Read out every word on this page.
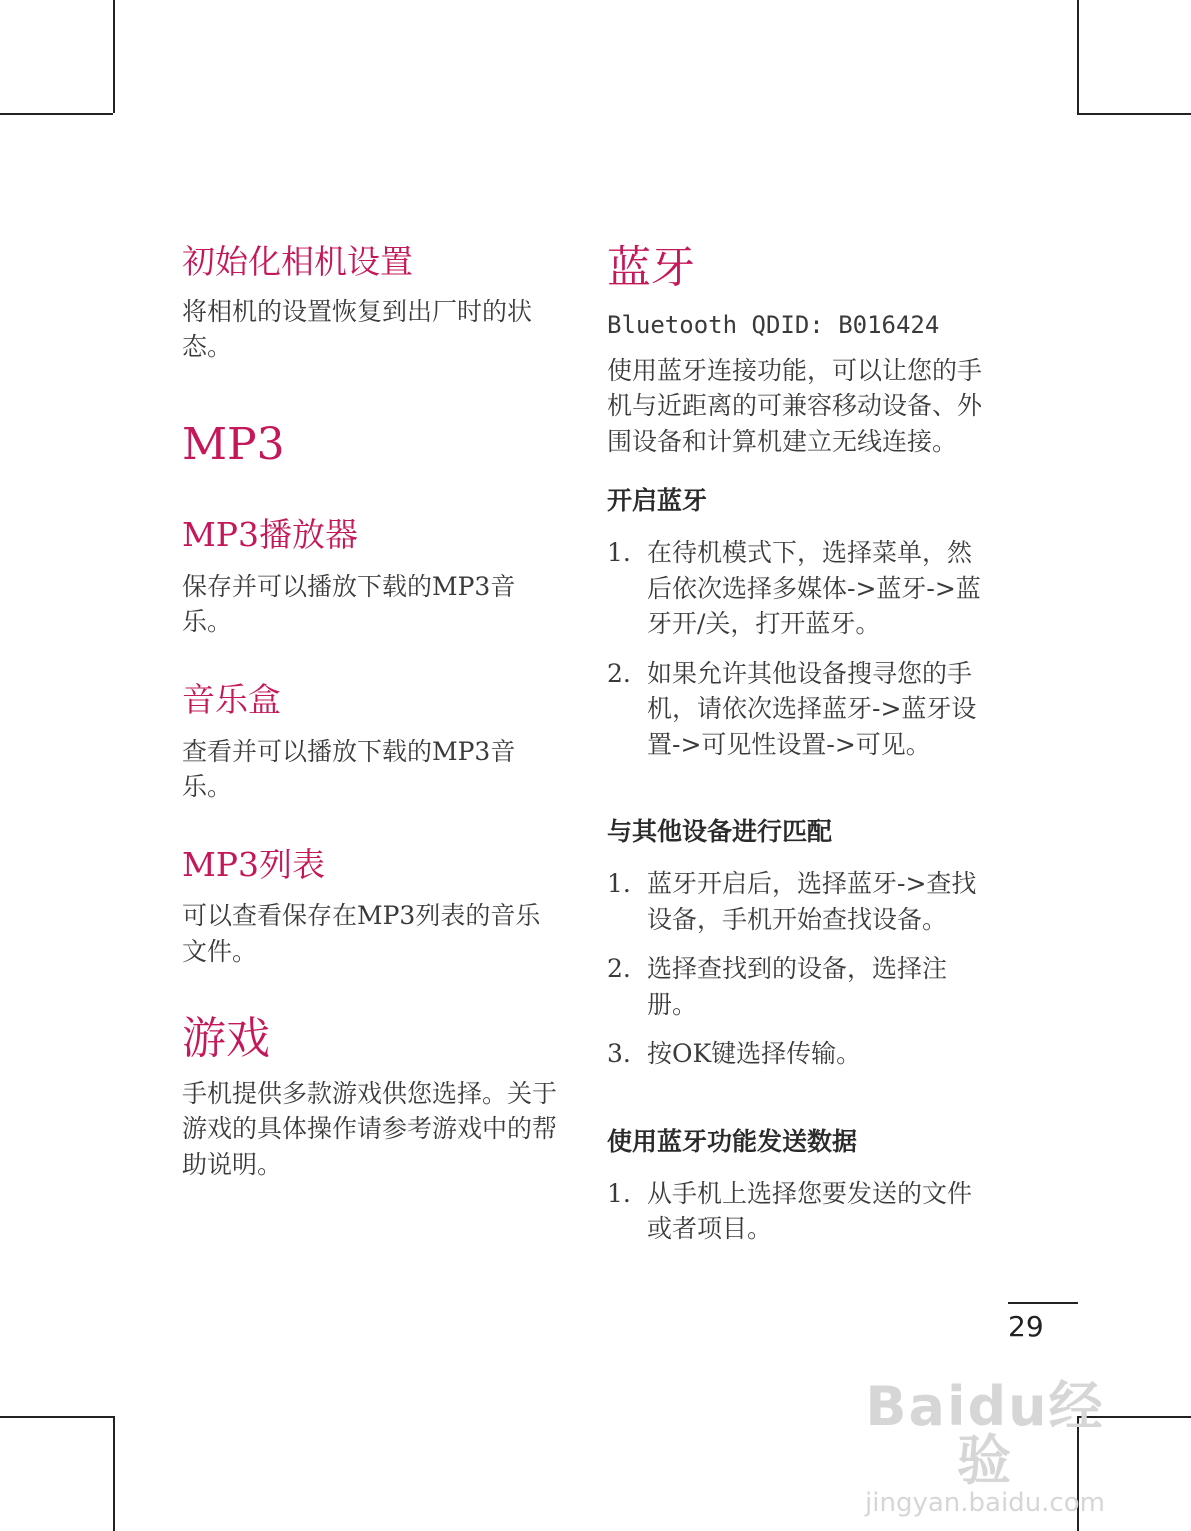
初始化相机设置

将相机的设置恢复到出厂时的状态。

MP3
MP3播放器

保存并可以播放下载的MP3音乐。

音乐盒

查看并可以播放下载的MP3音乐。

MP3列表

可以查看保存在MP3列表的音乐文件。

游戏

手机提供多款游戏供您选择。关于游戏的具体操作请参考游戏中的帮助说明。

蓝牙

Bluetooth QDID: B016424

使用蓝牙连接功能，可以让您的手机与近距离的可兼容移动设备、外围设备和计算机建立无线连接。

开启蓝牙
1. 在待机模式下，选择菜单，然后依次选择多媒体->蓝牙->蓝牙开/关，打开蓝牙。
2. 如果允许其他设备搜寻您的手机，请依次选择蓝牙->蓝牙设置->可见性设置->可见。
与其他设备进行匹配
1. 蓝牙开启后，选择蓝牙->查找设备，手机开始查找设备。
2. 选择查找到的设备，选择注册。
3. 按OK键选择传输。
使用蓝牙功能发送数据
1. 从手机上选择您要发送的文件或者项目。
29
Baidu经验
jingyan.baidu.com
